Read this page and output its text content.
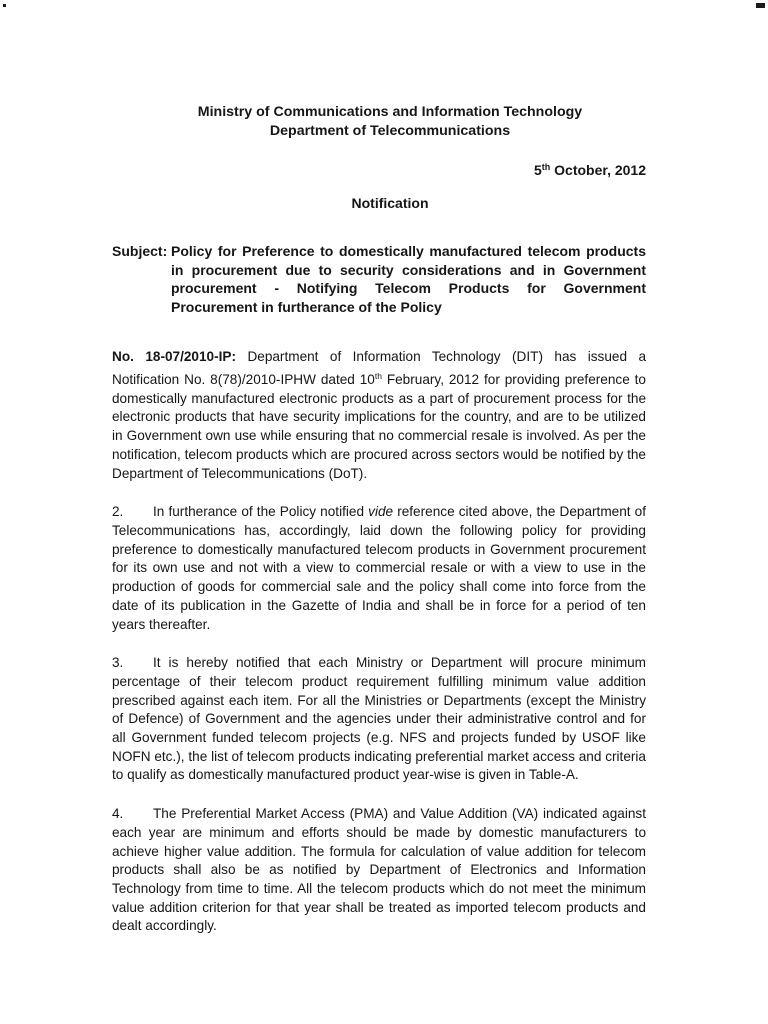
Ministry of Communications and Information Technology
Department of Telecommunications
5th October, 2012
Notification
Subject: Policy for Preference to domestically manufactured telecom products in procurement due to security considerations and in Government procurement - Notifying Telecom Products for Government Procurement in furtherance of the Policy
No. 18-07/2010-IP: Department of Information Technology (DIT) has issued a Notification No. 8(78)/2010-IPHW dated 10th February, 2012 for providing preference to domestically manufactured electronic products as a part of procurement process for the electronic products that have security implications for the country, and are to be utilized in Government own use while ensuring that no commercial resale is involved. As per the notification, telecom products which are procured across sectors would be notified by the Department of Telecommunications (DoT).
2. In furtherance of the Policy notified vide reference cited above, the Department of Telecommunications has, accordingly, laid down the following policy for providing preference to domestically manufactured telecom products in Government procurement for its own use and not with a view to commercial resale or with a view to use in the production of goods for commercial sale and the policy shall come into force from the date of its publication in the Gazette of India and shall be in force for a period of ten years thereafter.
3. It is hereby notified that each Ministry or Department will procure minimum percentage of their telecom product requirement fulfilling minimum value addition prescribed against each item. For all the Ministries or Departments (except the Ministry of Defence) of Government and the agencies under their administrative control and for all Government funded telecom projects (e.g. NFS and projects funded by USOF like NOFN etc.), the list of telecom products indicating preferential market access and criteria to qualify as domestically manufactured product year-wise is given in Table-A.
4. The Preferential Market Access (PMA) and Value Addition (VA) indicated against each year are minimum and efforts should be made by domestic manufacturers to achieve higher value addition. The formula for calculation of value addition for telecom products shall also be as notified by Department of Electronics and Information Technology from time to time. All the telecom products which do not meet the minimum value addition criterion for that year shall be treated as imported telecom products and dealt accordingly.
